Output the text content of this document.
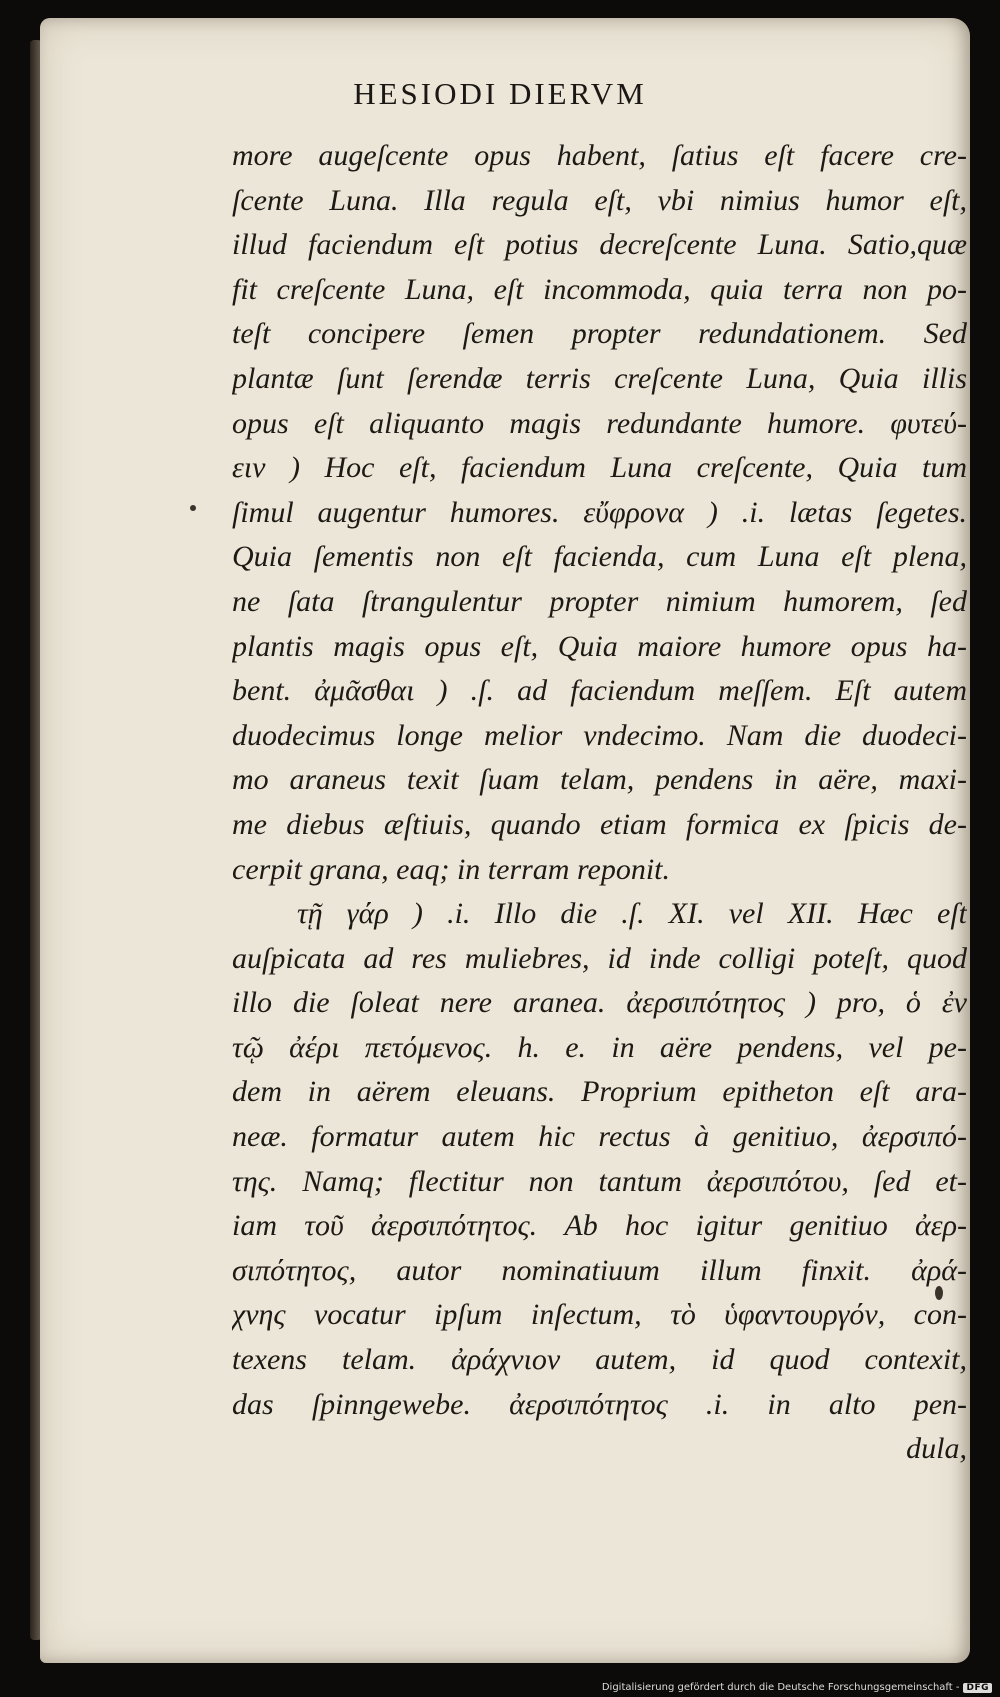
HESIODI DIERVM
more augeſcente opus habent, ſatius eſt facere cre-
ſcente Luna. Illa regula eſt, vbi nimius humor eſt,
illud faciendum eſt potius decreſcente Luna. Satio,quæ
fit creſcente Luna, eſt incommoda, quia terra non po-
teſt concipere ſemen propter redundationem. Sed
plantæ ſunt ſerendæ terris creſcente Luna, Quia illis
opus eſt aliquanto magis redundante humore. φυτεύ-
ειν ) Hoc eſt, faciendum Luna creſcente, Quia tum
ſimul augentur humores. εὔφρονα ) .i. lætas ſegetes.
Quia ſementis non eſt facienda, cum Luna eſt plena,
ne ſata ſtrangulentur propter nimium humorem, ſed
plantis magis opus eſt, Quia maiore humore opus ha-
bent. ἀμᾶσθαι ) .ſ. ad faciendum meſſem. Eſt autem
duodecimus longe melior vndecimo. Nam die duodeci-
mo araneus texit ſuam telam, pendens in aëre, maxi-
me diebus æſtiuis, quando etiam formica ex ſpicis de-
cerpit grana, eaq; in terram reponit.
τῇ γάρ ) .i. Illo die .ſ. XI. vel XII. Hæc eſt
auſpicata ad res muliebres, id inde colligi poteſt, quod
illo die ſoleat nere aranea. ἀερσιπότητος ) pro, ὁ ἐν
τῷ ἀέρι πετόμενος. h. e. in aëre pendens, vel pe-
dem in aërem eleuans. Proprium epitheton eſt ara-
neæ. formatur autem hic rectus à genitiuo, ἀερσιπό-
της. Namq; flectitur non tantum ἀερσιπότου, ſed et-
iam τοῦ ἀερσιπότητος. Ab hoc igitur genitiuo ἀερ-
σιπότητος, autor nominatiuum illum finxit. ἀρά-
χνης vocatur ipſum inſectum, τὸ ὑφαντουργόν, con-
texens telam. ἀράχνιον autem, id quod contexit,
das ſpinngewebe. ἀερσιπότητος .i. in alto pen-
dula,
Digitalisierung gefördert durch die Deutsche Forschungsgemeinschaft - DFG
